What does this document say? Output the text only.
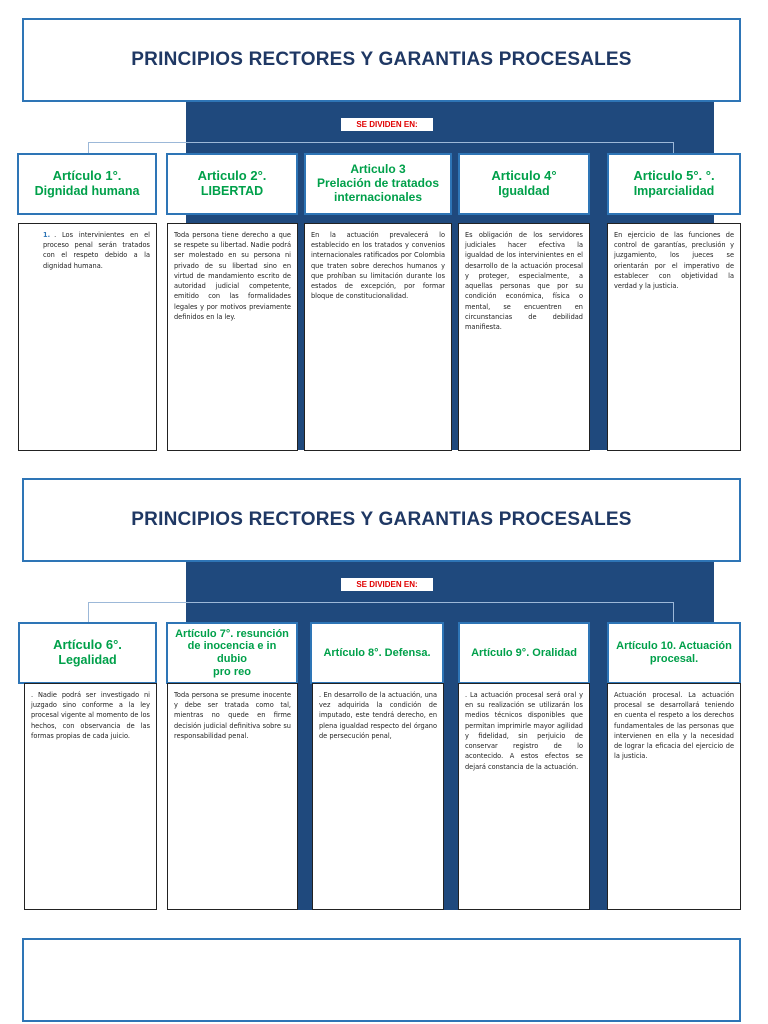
PRINCIPIOS RECTORES Y GARANTIAS PROCESALES
SE DIVIDEN EN:
Artículo 1°.
Dignidad humana

1. . Los intervinientes en el proceso penal serán tratados con el respeto debido a la dignidad humana.

Articulo 2°.
LIBERTAD

Toda persona tiene derecho a que se respete su libertad. Nadie podrá ser molestado en su persona ni privado de su libertad sino en virtud de mandamiento escrito de autoridad judicial competente, emitido con las formalidades legales y por motivos previamente definidos en la ley.

Articulo 3
Prelación de tratados internacionales

En la actuación prevalecerá lo establecido en los tratados y convenios internacionales ratificados por Colombia que traten sobre derechos humanos y que prohíban su limitación durante los estados de excepción, por formar bloque de constitucionalidad.

Articulo 4°
Igualdad

Es obligación de los servidores judiciales hacer efectiva la igualdad de los intervinientes en el desarrollo de la actuación procesal y proteger, especialmente, a aquellas personas que por su condición económica, física o mental, se encuentren en circunstancias de debilidad manifiesta.

Articulo 5°. °.
Imparcialidad

En ejercicio de las funciones de control de garantías, preclusión y juzgamiento, los jueces se orientarán por el imperativo de establecer con objetividad la verdad y la justicia.

PRINCIPIOS RECTORES Y GARANTIAS PROCESALES
SE DIVIDEN EN:
Artículo 6°.
Legalidad

. Nadie podrá ser investigado ni juzgado sino conforme a la ley procesal vigente al momento de los hechos, con observancia de las formas propias de cada juicio.

Artículo 7°. resunción
de inocencia e in dubio
pro reo

Toda persona se presume inocente y debe ser tratada como tal, mientras no quede en firme decisión judicial definitiva sobre su responsabilidad penal.

Artículo 8°. Defensa.

. En desarrollo de la actuación, una vez adquirida la condición de imputado, este tendrá derecho, en plena igualdad respecto del órgano de persecución penal,

Artículo 9°. Oralidad

. La actuación procesal será oral y en su realización se utilizarán los medios técnicos disponibles que permitan imprimirle mayor agilidad y fidelidad, sin perjuicio de conservar registro de lo acontecido. A estos efectos se dejará constancia de la actuación.

Artículo 10. Actuación
procesal.

Actuación procesal. La actuación procesal se desarrollará teniendo en cuenta el respeto a los derechos fundamentales de las personas que intervienen en ella y la necesidad de lograr la eficacia del ejercicio de la justicia.
